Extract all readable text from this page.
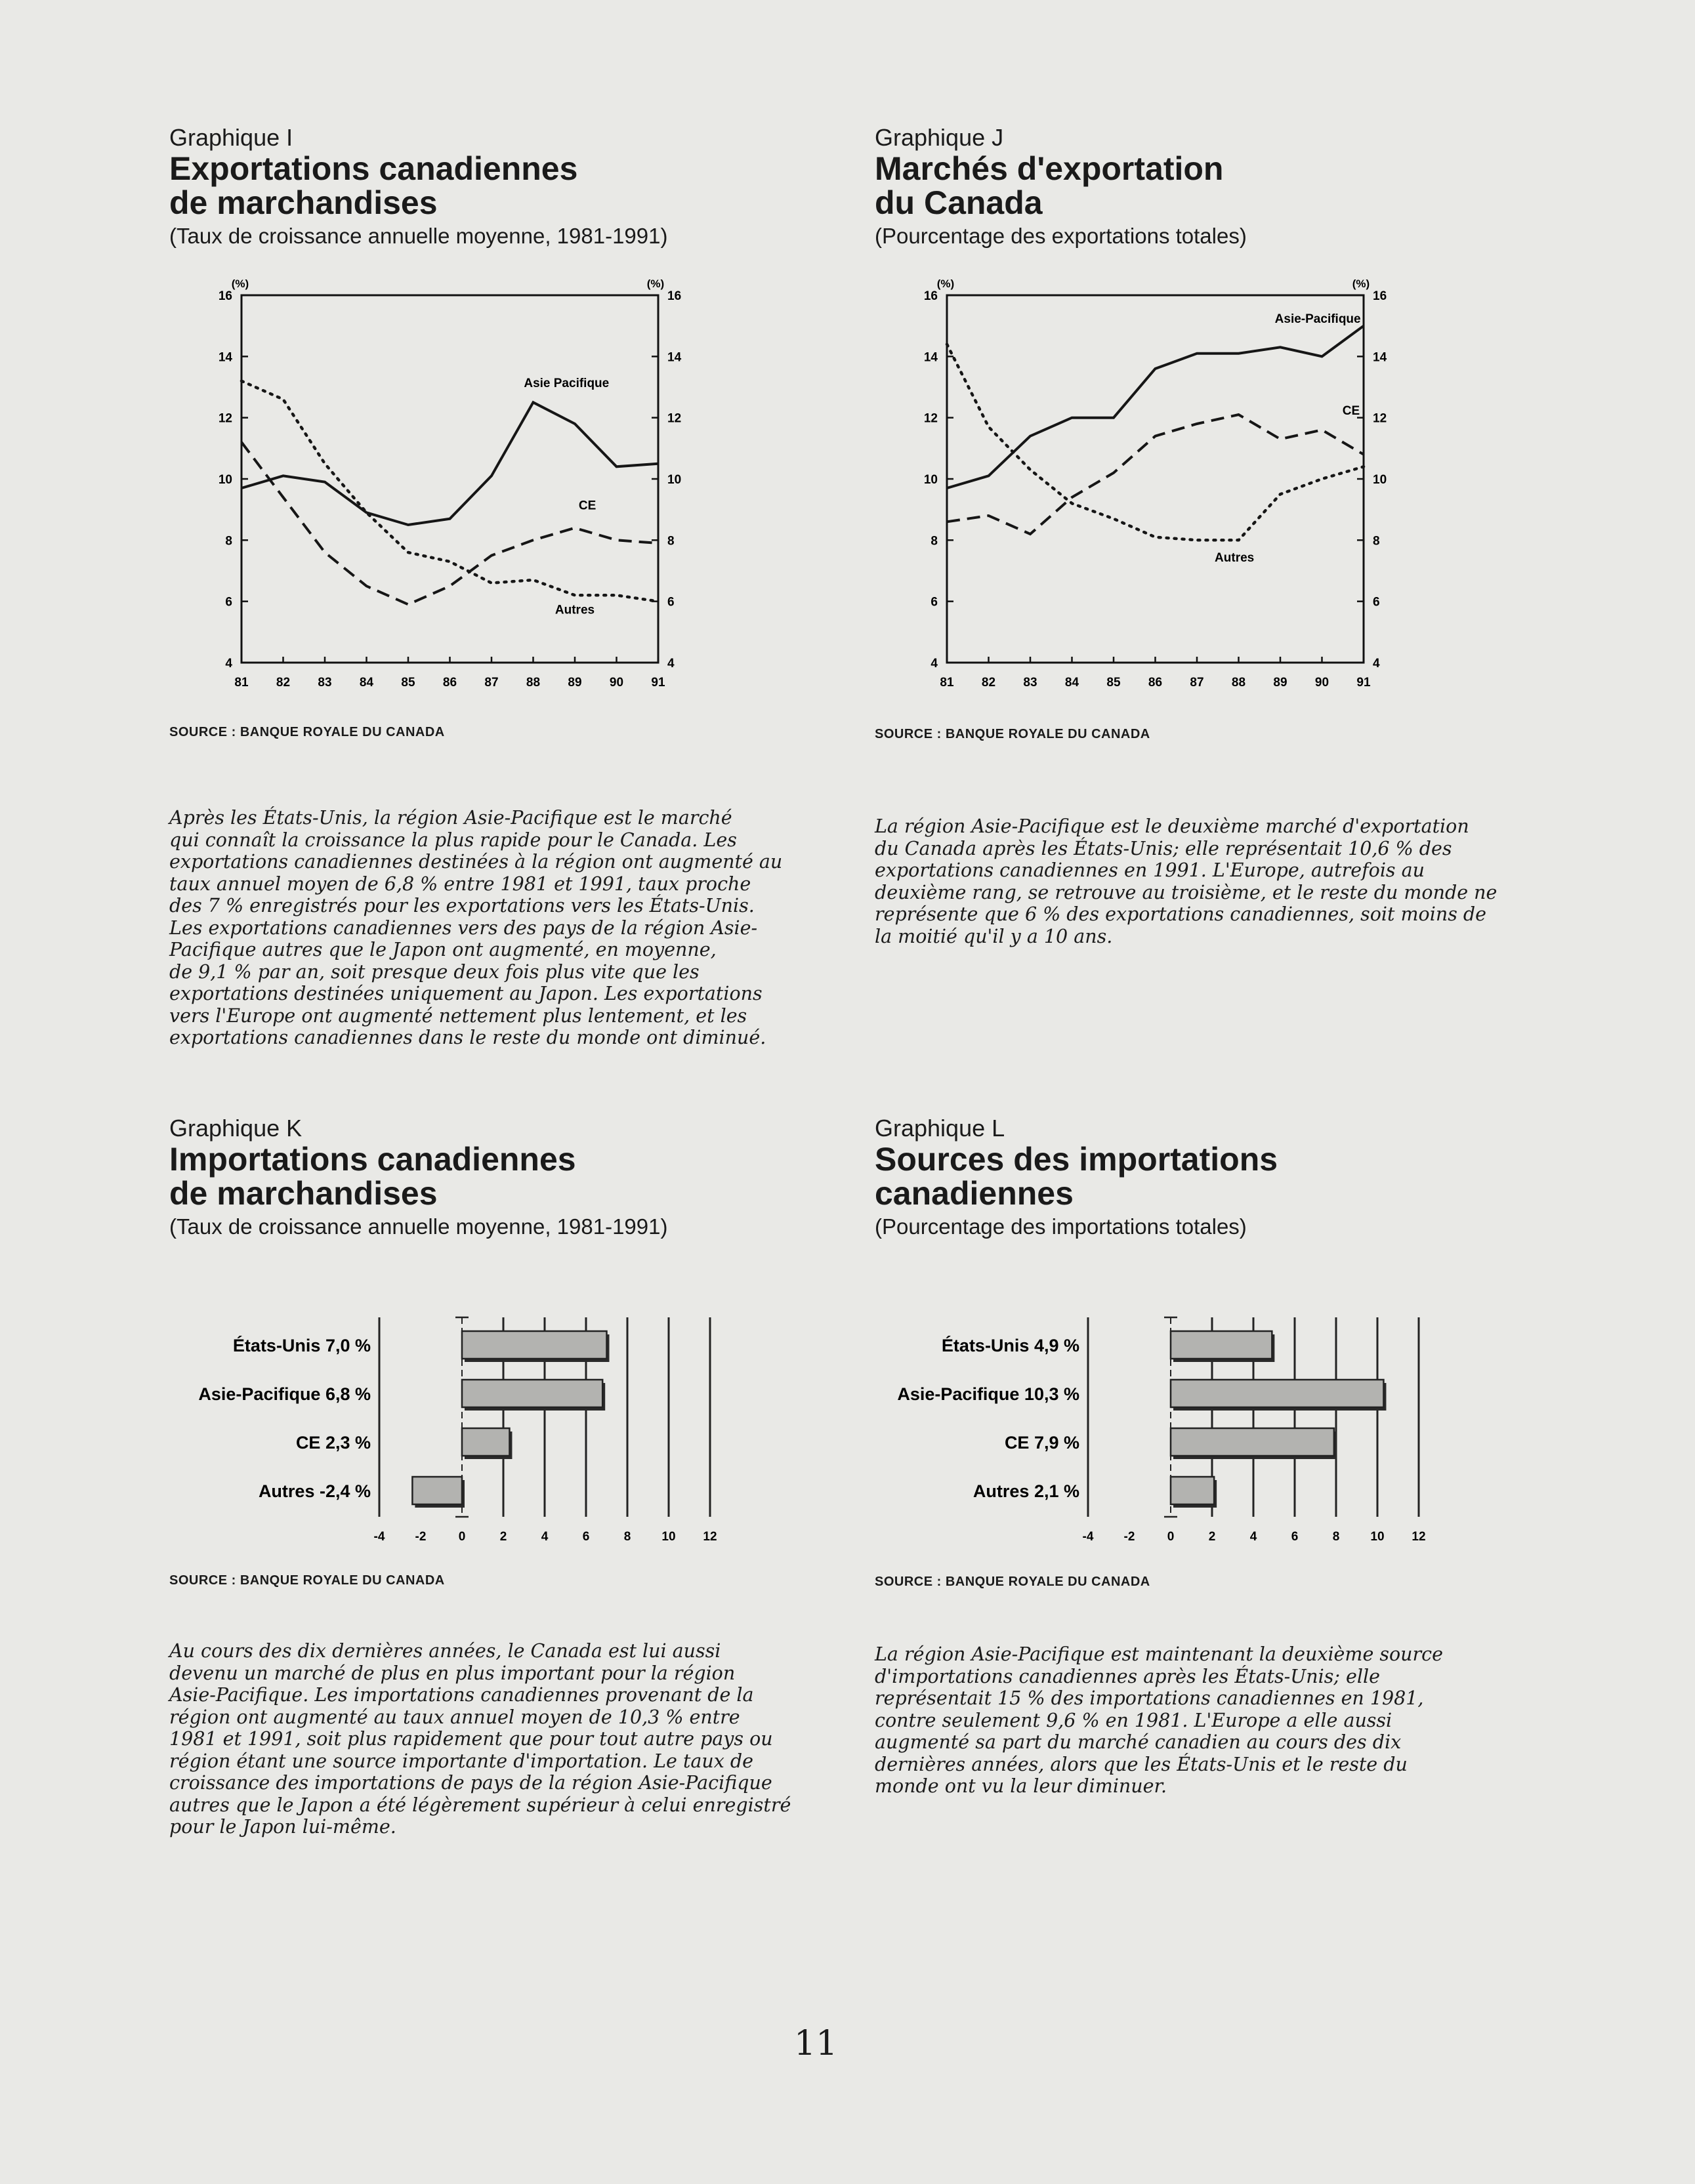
Graphique I

Exportations canadiennes

de marchandises

(Taux de croissance annuelle moyenne, 1981-1991)

4	4
6	6
8	8
10	10
12	12
14	14
16	16
(%)	(%)
81 82 83 84 85 86 87 88 89 90 91
Asie Pacifique
CE
Autres
SOURCE : BANQUE ROYALE DU CANADA

Après les États-Unis, la région Asie-Pacifique est le marché
qui connaît la croissance la plus rapide pour le Canada. Les
exportations canadiennes destinées à la région ont augmenté au
taux annuel moyen de 6,8 % entre 1981 et 1991, taux proche
des 7 % enregistrés pour les exportations vers les États-Unis.
Les exportations canadiennes vers des pays de la région Asie-
Pacifique autres que le Japon ont augmenté, en moyenne,
de 9,1 % par an, soit presque deux fois plus vite que les
exportations destinées uniquement au Japon. Les exportations
vers l'Europe ont augmenté nettement plus lentement, et les
exportations canadiennes dans le reste du monde ont diminué.

Graphique J

Marchés d'exportation

du Canada

(Pourcentage des exportations totales)

4	4
6	6
8	8
10	10
12	12
14	14
16	16
(%)	(%)
81 82 83 84 85 86 87 88 89 90 91
Asie-Pacifique
CE
Autres
SOURCE : BANQUE ROYALE DU CANADA

La région Asie-Pacifique est le deuxième marché d'exportation
du Canada après les États-Unis; elle représentait 10,6 % des
exportations canadiennes en 1991. L'Europe, autrefois au
deuxième rang, se retrouve au troisième, et le reste du monde ne
représente que 6 % des exportations canadiennes, soit moins de
la moitié qu'il y a 10 ans.

Graphique K

Importations canadiennes

de marchandises

(Taux de croissance annuelle moyenne, 1981-1991)

-4 -2	0	2	4	6	8 10 12
États-Unis 7,0 %
Asie-Pacifique 6,8 %
CE 2,3 %
Autres -2,4 %
SOURCE : BANQUE ROYALE DU CANADA

Au cours des dix dernières années, le Canada est lui aussi
devenu un marché de plus en plus important pour la région
Asie-Pacifique. Les importations canadiennes provenant de la
région ont augmenté au taux annuel moyen de 10,3 % entre
1981 et 1991, soit plus rapidement que pour tout autre pays ou
région étant une source importante d'importation. Le taux de
croissance des importations de pays de la région Asie-Pacifique
autres que le Japon a été légèrement supérieur à celui enregistré
pour le Japon lui-même.

Graphique L

Sources des importations

canadiennes

(Pourcentage des importations totales)

-4 -2	0	2	4	6	8 10 12
États-Unis 4,9 %
Asie-Pacifique 10,3 %
CE 7,9 %
Autres 2,1 %
SOURCE : BANQUE ROYALE DU CANADA

La région Asie-Pacifique est maintenant la deuxième source
d'importations canadiennes après les États-Unis; elle
représentait 15 % des importations canadiennes en 1981,
contre seulement 9,6 % en 1981. L'Europe a elle aussi
augmenté sa part du marché canadien au cours des dix
dernières années, alors que les États-Unis et le reste du
monde ont vu la leur diminuer.

11
